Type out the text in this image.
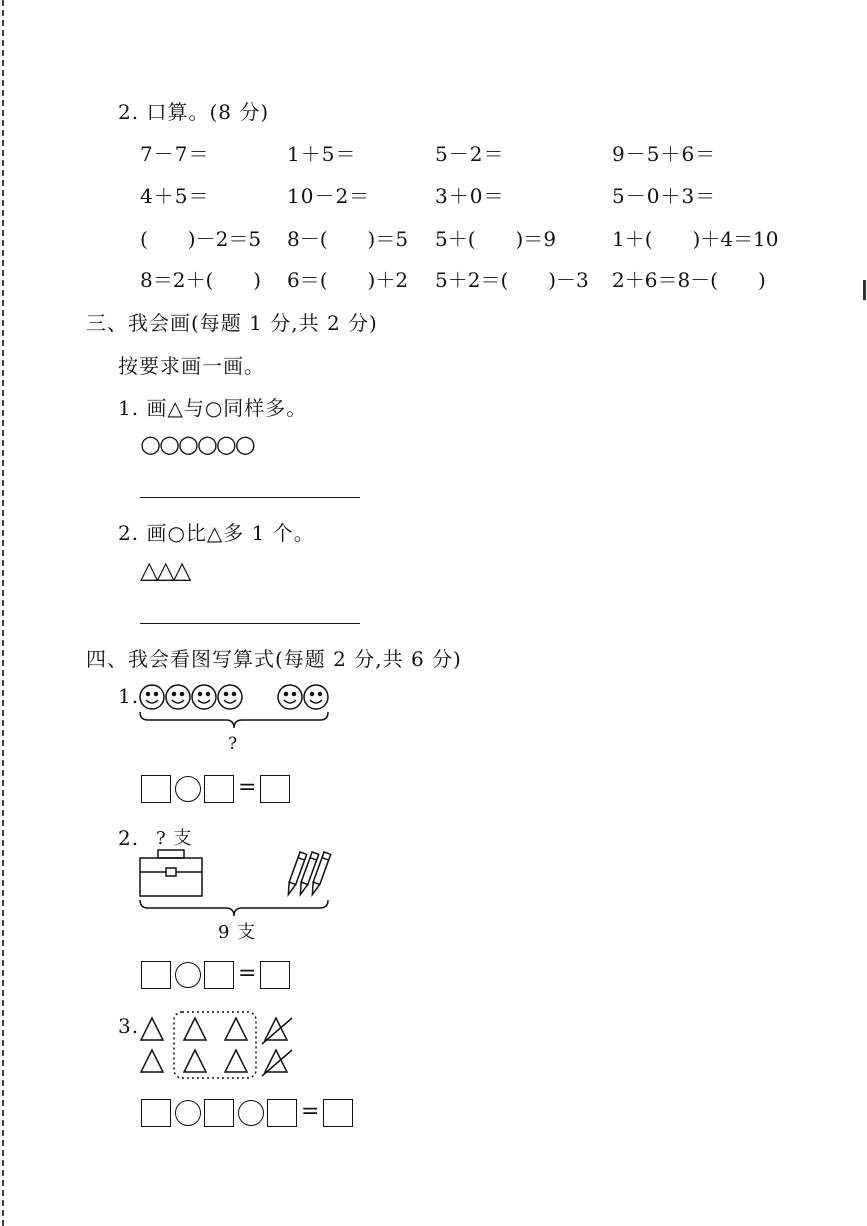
2. 口算。(8 分)
7－7＝	1＋5＝	5－2＝	9－5＋6＝
4＋5＝	10－2＝	3＋0＝	5－0＋3＝
(　　)－2＝5 8－(　　)＝5 5＋(　　)＝9	1＋(　　)＋4＝10
8＝2＋(　　) 6＝(　　)＋2 5＋2＝(　　)－3 2＋6＝8－(　　)
三、我会画(每题 1 分,共 2 分)
按要求画一画。
1. 画△与○同样多。
○○○○○○
2. 画○比△多 1 个。
△△△
四、我会看图写算式(每题 2 分,共 6 分)
1.
?
=
2. ? 支
9 支
=
3.
=
